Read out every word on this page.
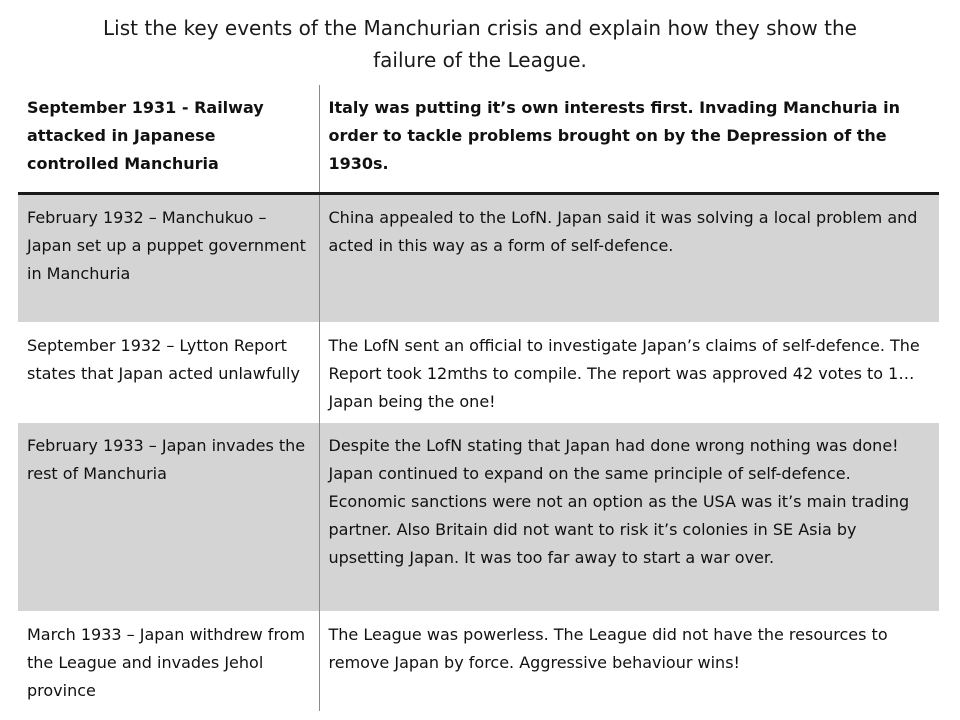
List the key events of the Manchurian crisis and explain how they show the
failure of the League.
September 1931 - Railway attacked in Japanese controlled Manchuria	Italy was putting it’s own interests first. Invading Manchuria in order to tackle problems brought on by the Depression of the 1930s.
February 1932 – Manchukuo – Japan set up a puppet government in Manchuria	China appealed to the LofN. Japan said it was solving a local problem and acted in this way as a form of self-defence.
September 1932 – Lytton Report states that Japan acted unlawfully	The LofN sent an official to investigate Japan’s claims of self-defence. The Report took 12mths to compile. The report was approved 42 votes to 1…Japan being the one!
February 1933 – Japan invades the rest of Manchuria	Despite the LofN stating that Japan had done wrong nothing was done! Japan continued to expand on the same principle of self-defence. Economic sanctions were not an option as the USA was it’s main trading partner. Also Britain did not want to risk it’s colonies in SE Asia by upsetting Japan. It was too far away to start a war over.
March 1933 – Japan withdrew from the League and invades Jehol province	The League was powerless. The League did not have the resources to remove Japan by force. Aggressive behaviour wins!
